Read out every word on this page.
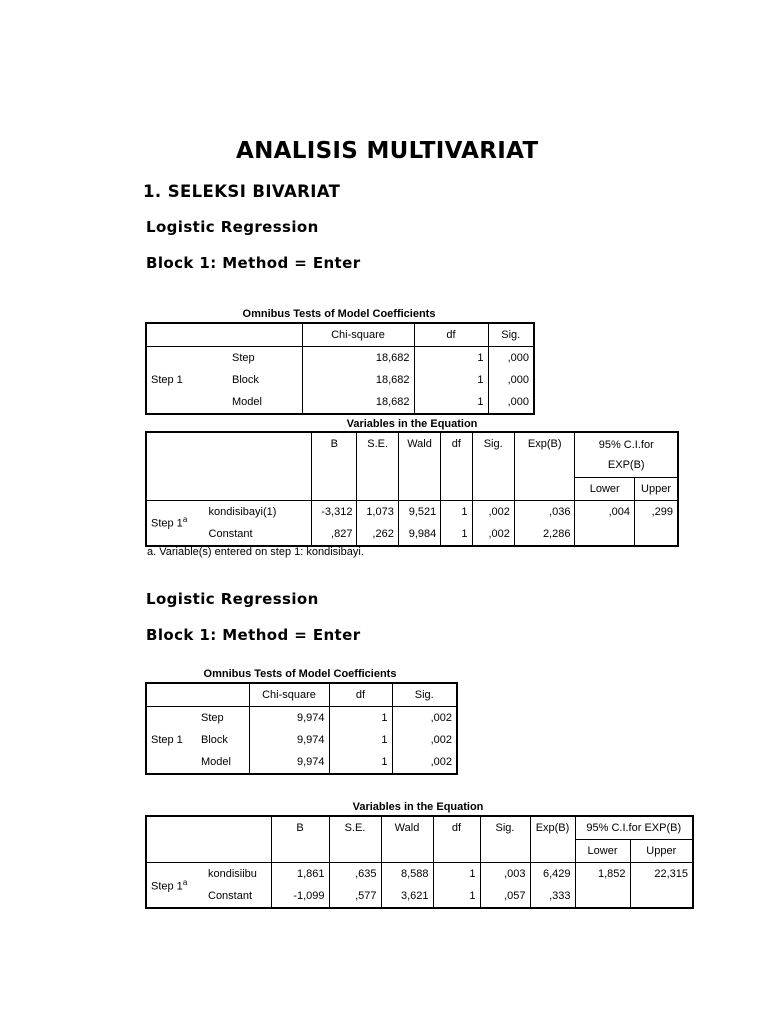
ANALISIS MULTIVARIAT
1. SELEKSI BIVARIAT
Logistic Regression
Block 1: Method = Enter
Omnibus Tests of Model Coefficients
		Chi-square	df	Sig.
Step 1	Step	18,682	1	,000
	Block	18,682	1	,000
	Model	18,682	1	,000
Variables in the Equation
		B	S.E.	Wald	df	Sig.	Exp(B)	95% C.I.for EXP(B)	

								Lower	Upper
Step 1$^a$	kondisibayi(1)	-3,312	1,073	9,521	1	,002	,036	,004	,299
	Constant	,827	,262	9,984	1	,002	2,286		
a. Variable(s) entered on step 1: kondisibayi.
Logistic Regression
Block 1: Method = Enter
Omnibus Tests of Model Coefficients
		Chi-square	df	Sig.
Step 1	Step	9,974	1	,002
	Block	9,974	1	,002
	Model	9,974	1	,002
Variables in the Equation
		B	S.E.	Wald	df	Sig.	Exp(B)	95% C.I.for EXP(B)	
								Lower	Upper
Step 1$^a$	kondisiibu	1,861	,635	8,588	1	,003	6,429	1,852	22,315
	Constant	-1,099	,577	3,621	1	,057	,333		
